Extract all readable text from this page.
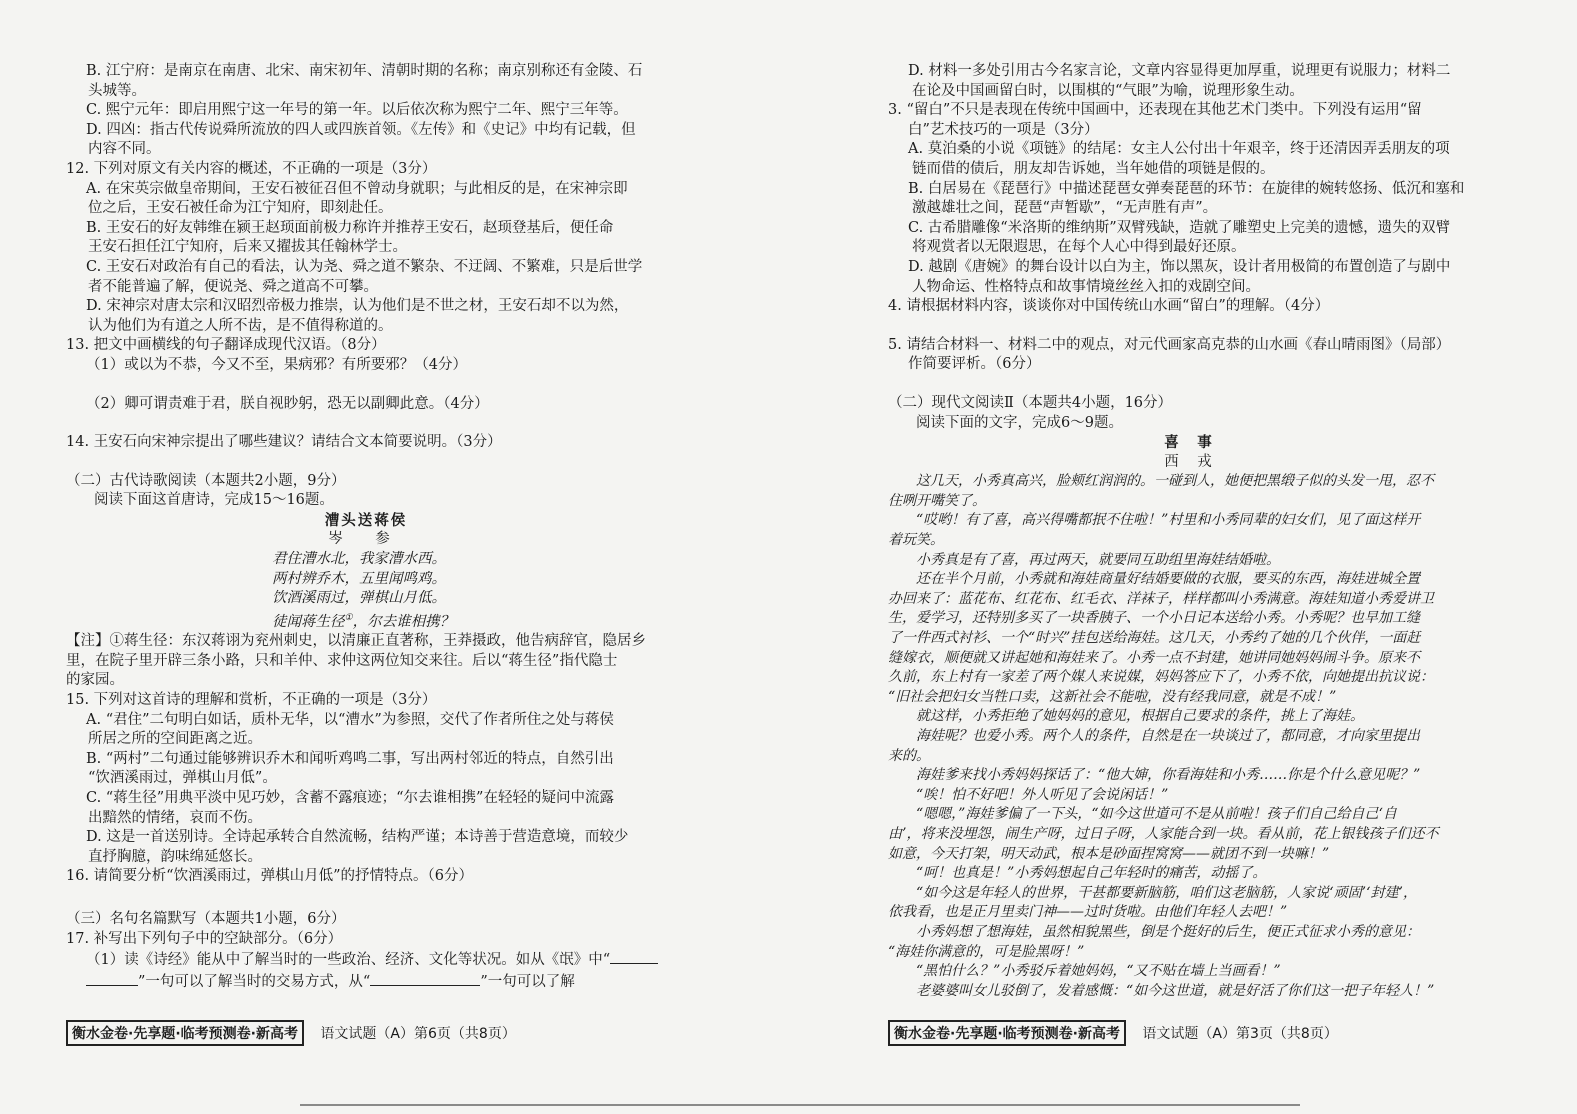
B. 江宁府：是南京在南唐、北宋、南宋初年、清朝时期的名称；南京别称还有金陵、石

头城等。

C. 熙宁元年：即启用熙宁这一年号的第一年。以后依次称为熙宁二年、熙宁三年等。

D. 四凶：指古代传说舜所流放的四人或四族首领。《左传》和《史记》中均有记载，但

内容不同。

12. 下列对原文有关内容的概述，不正确的一项是（3分）

A. 在宋英宗做皇帝期间，王安石被征召但不曾动身就职；与此相反的是，在宋神宗即

位之后，王安石被任命为江宁知府，即刻赴任。

B. 王安石的好友韩维在颍王赵顼面前极力称许并推荐王安石，赵顼登基后，便任命

王安石担任江宁知府，后来又擢拔其任翰林学士。

C. 王安石对政治有自己的看法，认为尧、舜之道不繁杂、不迂阔、不繁难，只是后世学

者不能普遍了解，便说尧、舜之道高不可攀。

D. 宋神宗对唐太宗和汉昭烈帝极力推崇，认为他们是不世之材，王安石却不以为然，

认为他们为有道之人所不齿，是不值得称道的。

13. 把文中画横线的句子翻译成现代汉语。（8分）

（1）或以为不恭，今又不至，果病邪？有所要邪？（4分）

（2）卿可谓责难于君，朕自视眇躬，恐无以副卿此意。（4分）

14. 王安石向宋神宗提出了哪些建议？请结合文本简要说明。（3分）

（二）古代诗歌阅读（本题共2小题，9分）

阅读下面这首唐诗，完成15～16题。

漕头送蒋侯

岑 参

君住漕水北，我家漕水西。

两村辨乔木，五里闻鸣鸡。

饮酒溪雨过，弹棋山月低。

徒闻蒋生径①，尔去谁相携？

【注】①蒋生径：东汉蒋诩为兖州刺史，以清廉正直著称，王莽摄政，他告病辞官，隐居乡

里，在院子里开辟三条小路，只和羊仲、求仲这两位知交来往。后以“蒋生径”指代隐士

的家园。

15. 下列对这首诗的理解和赏析，不正确的一项是（3分）

A. “君住”二句明白如话，质朴无华，以“漕水”为参照，交代了作者所住之处与蒋侯

所居之所的空间距离之近。

B. “两村”二句通过能够辨识乔木和闻听鸡鸣二事，写出两村邻近的特点，自然引出

“饮酒溪雨过，弹棋山月低”。

C. “蒋生径”用典平淡中见巧妙，含蓄不露痕迹；“尔去谁相携”在轻轻的疑问中流露

出黯然的情绪，哀而不伤。

D. 这是一首送别诗。全诗起承转合自然流畅，结构严谨；本诗善于营造意境，而较少

直抒胸臆，韵味绵延悠长。

16. 请简要分析“饮酒溪雨过，弹棋山月低”的抒情特点。（6分）

（三）名句名篇默写（本题共1小题，6分）

17. 补写出下列句子中的空缺部分。（6分）

（1）读《诗经》能从中了解当时的一些政治、经济、文化等状况。如从《氓》中“

”一句可以了解当时的交易方式，从“	”一句可以了解

衡水金卷·先享题·临考预测卷·新高考 语文试题（A）第6页（共8页）

D. 材料一多处引用古今名家言论，文章内容显得更加厚重，说理更有说服力；材料二

在论及中国画留白时，以围棋的“气眼”为喻，说理形象生动。

3. “留白”不只是表现在传统中国画中，还表现在其他艺术门类中。下列没有运用“留

白”艺术技巧的一项是（3分）

A. 莫泊桑的小说《项链》的结尾：女主人公付出十年艰辛，终于还清因弄丢朋友的项

链而借的债后，朋友却告诉她，当年她借的项链是假的。

B. 白居易在《琵琶行》中描述琵琶女弹奏琵琶的环节：在旋律的婉转悠扬、低沉和塞和

激越雄壮之间，琵琶“声暂歇”，“无声胜有声”。

C. 古希腊雕像“米洛斯的维纳斯”双臂残缺，造就了雕塑史上完美的遗憾，遗失的双臂

将观赏者以无限遐思，在每个人心中得到最好还原。

D. 越剧《唐婉》的舞台设计以白为主，饰以黑灰，设计者用极简的布置创造了与剧中

人物命运、性格特点和故事情境丝丝入扣的戏剧空间。

4. 请根据材料内容，谈谈你对中国传统山水画“留白”的理解。（4分）

5. 请结合材料一、材料二中的观点，对元代画家高克恭的山水画《春山晴雨图》（局部）

作简要评析。（6分）

（二）现代文阅读Ⅱ（本题共4小题，16分）

阅读下面的文字，完成6～9题。

喜　事

西　戎

这几天，小秀真高兴，脸颊红润润的。一碰到人，她便把黑缎子似的头发一甩，忍不

住咧开嘴笑了。

“哎哟！有了喜，高兴得嘴都抿不住啦！”村里和小秀同辈的妇女们，见了面这样开

着玩笑。

小秀真是有了喜，再过两天，就要同互助组里海娃结婚啦。

还在半个月前，小秀就和海娃商量好结婚要做的衣服，要买的东西，海娃进城全置

办回来了：蓝花布、红花布、红毛衣、洋袜子，样样都叫小秀满意。海娃知道小秀爱讲卫

生，爱学习，还特别多买了一块香胰子、一个小日记本送给小秀。小秀呢？也早加工缝

了一件西式衬衫、一个“时兴”挂包送给海娃。这几天，小秀约了她的几个伙伴，一面赶

缝嫁衣，顺便就又讲起她和海娃来了。小秀一点不封建，她讲同她妈妈闹斗争。原来不

久前，东上村有一家差了两个媒人来说媒，妈妈答应下了，小秀不依，向她提出抗议说：

“旧社会把妇女当牲口卖，这新社会不能啦，没有经我同意，就是不成！”

就这样，小秀拒绝了她妈妈的意见，根据自己要求的条件，挑上了海娃。

海娃呢？也爱小秀。两个人的条件，自然是在一块谈过了，都同意，才向家里提出

来的。

海娃爹来找小秀妈妈探话了：“他大婶，你看海娃和小秀……你是个什么意见呢？”

“唉！怕不好吧！外人听见了会说闲话！”

“嗯嗯，”海娃爹偏了一下头，“如今这世道可不是从前啦！孩子们自己给自己‘自

由’，将来没埋怨，闹生产呀，过日子呀，人家能合到一块。看从前，花上银钱孩子们还不

如意，今天打架，明天动武，根本是砂面捏窝窝——就团不到一块嘛！”

“呵！也真是！”小秀妈想起自己年轻时的痛苦，动摇了。

“如今这是年轻人的世界，干甚都要新脑筋，咱们这老脑筋，人家说‘顽固’‘封建’，

依我看，也是正月里卖门神——过时货啦。由他们年轻人去吧！”

小秀妈想了想海娃，虽然相貌黑些，倒是个挺好的后生，便正式征求小秀的意见：

“海娃你满意的，可是脸黑呀！”

“黑怕什么？”小秀驳斥着她妈妈，“又不贴在墙上当画看！”

老婆婆叫女儿驳倒了，发着感慨：“如今这世道，就是好活了你们这一把子年轻人！”

衡水金卷·先享题·临考预测卷·新高考 语文试题（A）第3页（共8页）
